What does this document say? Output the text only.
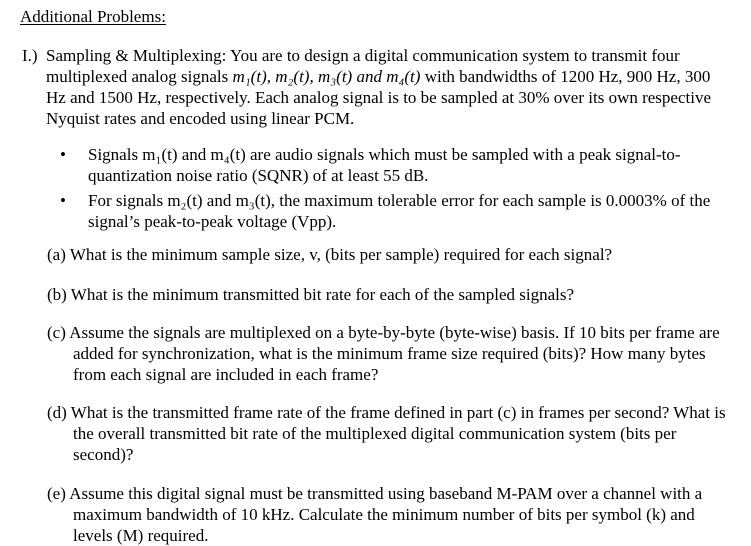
Additional Problems:
I.) Sampling & Multiplexing: You are to design a digital communication system to transmit four multiplexed analog signals m₁(t), m₂(t), m₃(t) and m₄(t) with bandwidths of 1200 Hz, 900 Hz, 300 Hz and 1500 Hz, respectively. Each analog signal is to be sampled at 30% over its own respective Nyquist rates and encoded using linear PCM.
• Signals m₁(t) and m₄(t) are audio signals which must be sampled with a peak signal-to-quantization noise ratio (SQNR) of at least 55 dB.
• For signals m₂(t) and m₃(t), the maximum tolerable error for each sample is 0.0003% of the signal’s peak-to-peak voltage (Vpp).
(a) What is the minimum sample size, v, (bits per sample) required for each signal?
(b) What is the minimum transmitted bit rate for each of the sampled signals?
(c) Assume the signals are multiplexed on a byte-by-byte (byte-wise) basis. If 10 bits per frame are added for synchronization, what is the minimum frame size required (bits)? How many bytes from each signal are included in each frame?
(d) What is the transmitted frame rate of the frame defined in part (c) in frames per second? What is the overall transmitted bit rate of the multiplexed digital communication system (bits per second)?
(e) Assume this digital signal must be transmitted using baseband M-PAM over a channel with a maximum bandwidth of 10 kHz. Calculate the minimum number of bits per symbol (k) and levels (M) required.
